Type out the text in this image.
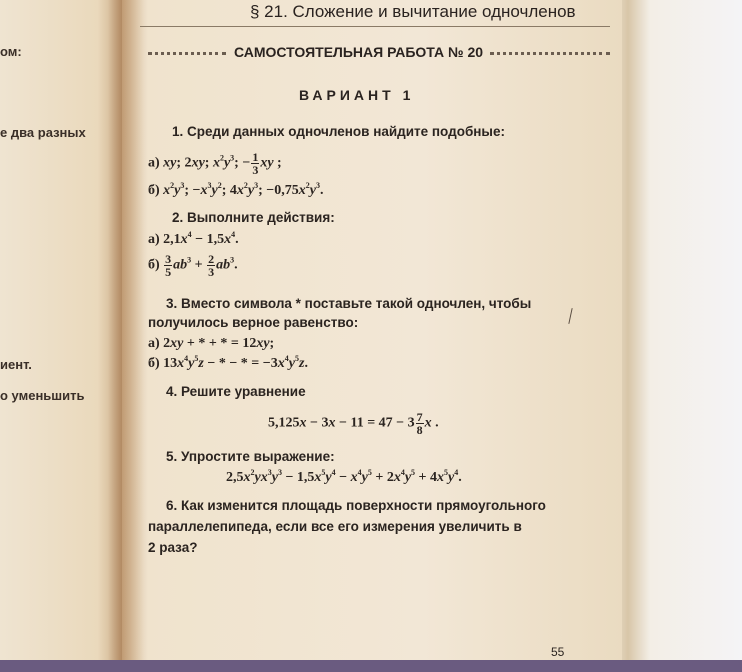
ом:
е два разных
иент.
о уменьшить
§ 21. Сложение и вычитание одночленов
САМОСТОЯТЕЛЬНАЯ РАБОТА № 20
ВАРИАНТ 1
1. Среди данных одночленов найдите подобные:
а) xy; 2xy; $x^2y^3$; − $\frac{1}{3}$ xy ;
б) $x^2y^3$; $-x^3y^2$; $4x^2y^3$; $-0,75x^2y^3$.
2. Выполните действия:
а) $2,1x^4 - 1,5x^4$.
$б) \frac{3}{5} ab^3 + \frac{2}{3} ab^3$.
3. Вместо символа * поставьте такой одночлен, чтобы
получилось верное равенство:
а) 2xy + * + * = 12xy;
б) $13x^4y^5z$ − * − * = $-3x^4y^5z$.
4. Решите уравнение
$5,125x - 3x - 11 = 47 - 3 \frac{7}{8}$ x .
5. Упростите выражение:
$2,5x^2yx^3y^3 - 1,5x^5y^4 - x^4y^5 + 2x^4y^5 + 4x^5y^4$.
6. Как изменится площадь поверхности прямоугольного
параллелепипеда, если все его измерения увеличить в
2 раза?
55
